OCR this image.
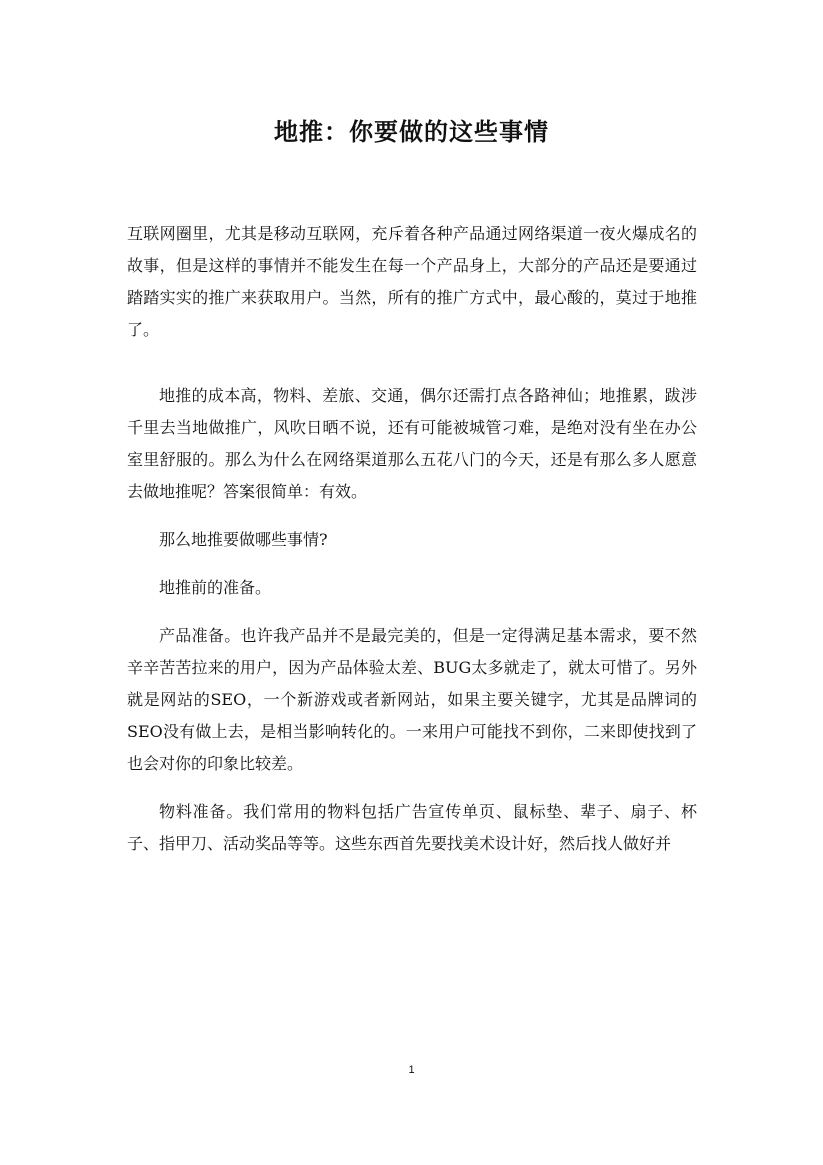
地推：你要做的这些事情

互联网圈里，尤其是移动互联网，充斥着各种产品通过网络渠道一夜火爆成名的故事，但是这样的事情并不能发生在每一个产品身上，大部分的产品还是要通过踏踏实实的推广来获取用户。当然，所有的推广方式中，最心酸的，莫过于地推了。

地推的成本高，物料、差旅、交通，偶尔还需打点各路神仙；地推累，跋涉千里去当地做推广，风吹日晒不说，还有可能被城管刁难，是绝对没有坐在办公室里舒服的。那么为什么在网络渠道那么五花八门的今天，还是有那么多人愿意去做地推呢？答案很简单：有效。

那么地推要做哪些事情?

地推前的准备。

产品准备。也许我产品并不是最完美的，但是一定得满足基本需求，要不然辛辛苦苦拉来的用户，因为产品体验太差、BUG太多就走了，就太可惜了。另外就是网站的SEO，一个新游戏或者新网站，如果主要关键字，尤其是品牌词的SEO没有做上去，是相当影响转化的。一来用户可能找不到你，二来即使找到了也会对你的印象比较差。

物料准备。我们常用的物料包括广告宣传单页、鼠标垫、辈子、扇子、杯子、指甲刀、活动奖品等等。这些东西首先要找美术设计好，然后找人做好并

1
